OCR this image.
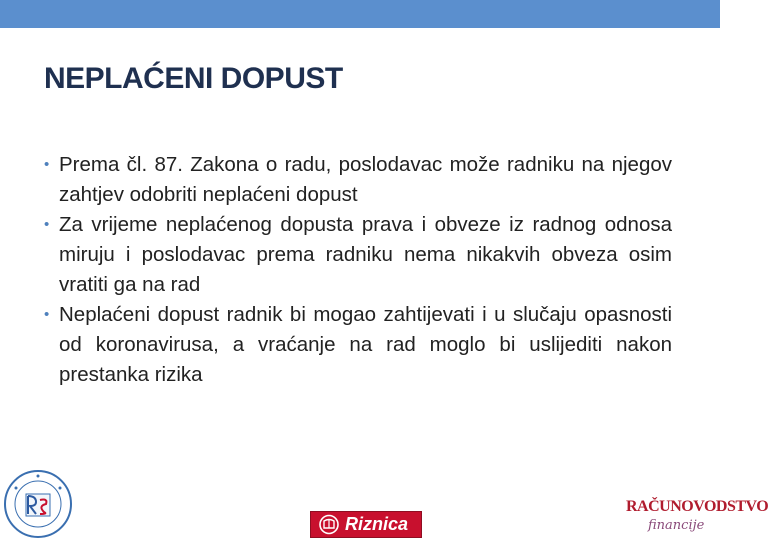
NEPLAĆENI DOPUST
• Prema čl. 87. Zakona o radu, poslodavac može radniku na njegov zahtjev odobriti neplaćeni dopust
• Za vrijeme neplaćenog dopusta prava i obveze iz radnog odnosa miruju i poslodavac prema radniku nema nikakvih obveza osim vratiti ga na rad
• Neplaćeni dopust radnik bi mogao zahtijevati i u slučaju opasnosti od koronavirusa, a vraćanje na rad moglo bi uslijediti nakon prestanka rizika
Riznica
RAČUNOVODSTVO
financije
